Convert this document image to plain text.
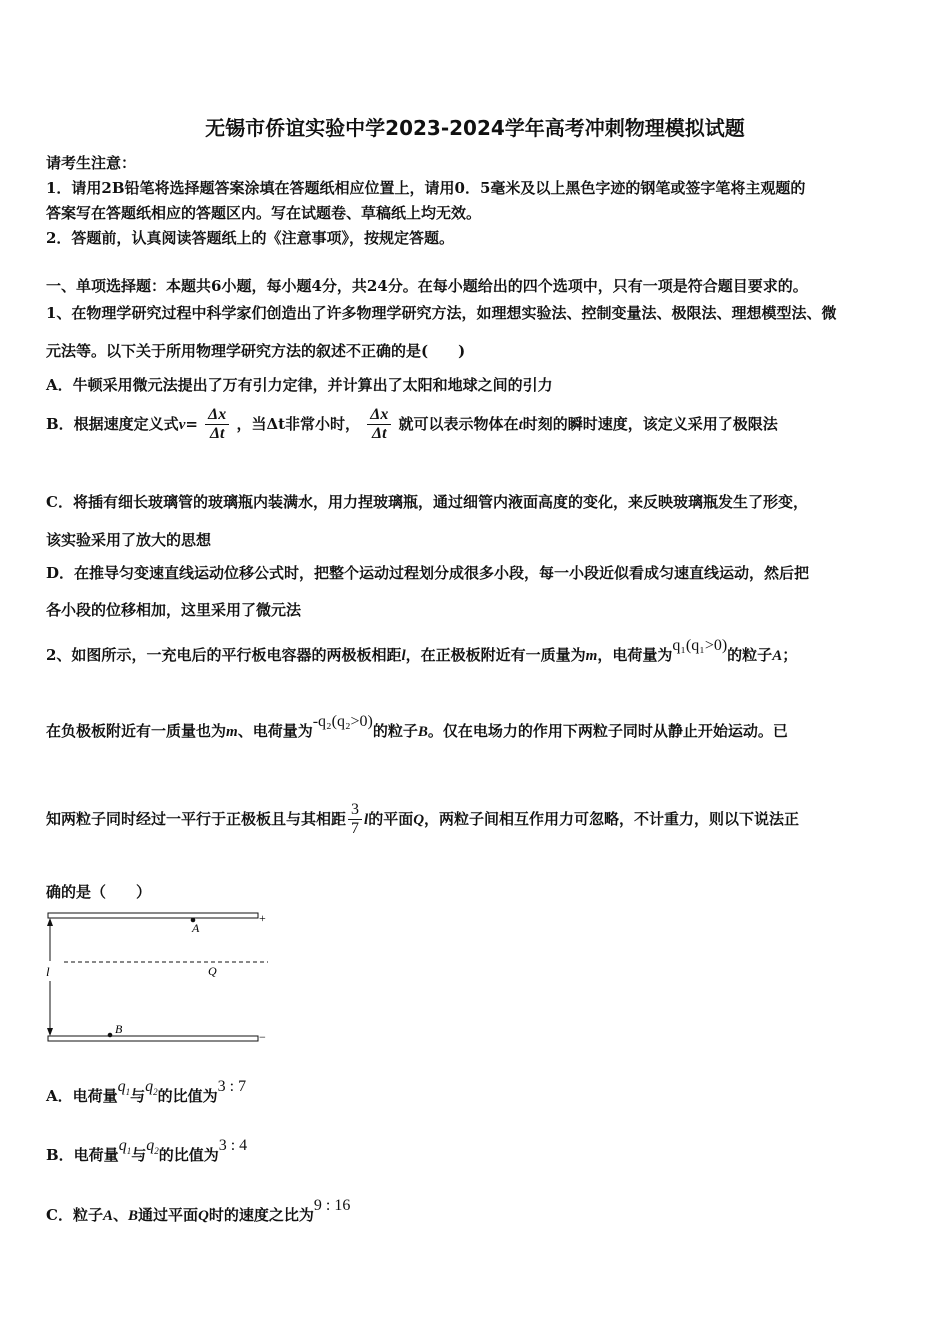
无锡市侨谊实验中学2023-2024学年高考冲刺物理模拟试题
请考生注意：
1．请用2B铅笔将选择题答案涂填在答题纸相应位置上，请用0．5毫米及以上黑色字迹的钢笔或签字笔将主观题的
答案写在答题纸相应的答题区内。写在试题卷、草稿纸上均无效。
2．答题前，认真阅读答题纸上的《注意事项》，按规定答题。
一、单项选择题：本题共6小题，每小题4分，共24分。在每小题给出的四个选项中，只有一项是符合题目要求的。
1、在物理学研究过程中科学家们创造出了许多物理学研究方法，如理想实验法、控制变量法、极限法、理想模型法、微
元法等。以下关于所用物理学研究方法的叙述不正确的是(　　)
A．牛顿采用微元法提出了万有引力定律，并计算出了太阳和地球之间的引力
B．根据速度定义式$v= \frac{\Delta x}{\Delta t}$ ，当Δt非常小时， $\frac{\Delta x}{\Delta t}$ 就可以表示物体在t时刻的瞬时速度，该定义采用了极限法
C．将插有细长玻璃管的玻璃瓶内装满水，用力捏玻璃瓶，通过细管内液面高度的变化，来反映玻璃瓶发生了形变，
该实验采用了放大的思想
D．在推导匀变速直线运动位移公式时，把整个运动过程划分成很多小段，每一小段近似看成匀速直线运动，然后把
各小段的位移相加，这里采用了微元法
2、如图所示，一充电后的平行板电容器的两极板相距l，在正极板附近有一质量为m，电荷量为q₁(q₁>0)的粒子A；
在负极板附近有一质量也为m、电荷量为-q₂(q₂>0)的粒子B。仅在电场力的作用下两粒子同时从静止开始运动。已
知两粒子同时经过一平行于正极板且与其相距 $\frac{3}{7}$ l的平面Q，两粒子间相互作用力可忽略，不计重力，则以下说法正
确的是（　　）
+
−
Q
l
A
B
A．电荷量$q_1$与$q_2$的比值为3 : 7
B．电荷量$q_1$与$q_2$的比值为3 : 4
C．粒子A、B通过平面Q时的速度之比为9 : 16
